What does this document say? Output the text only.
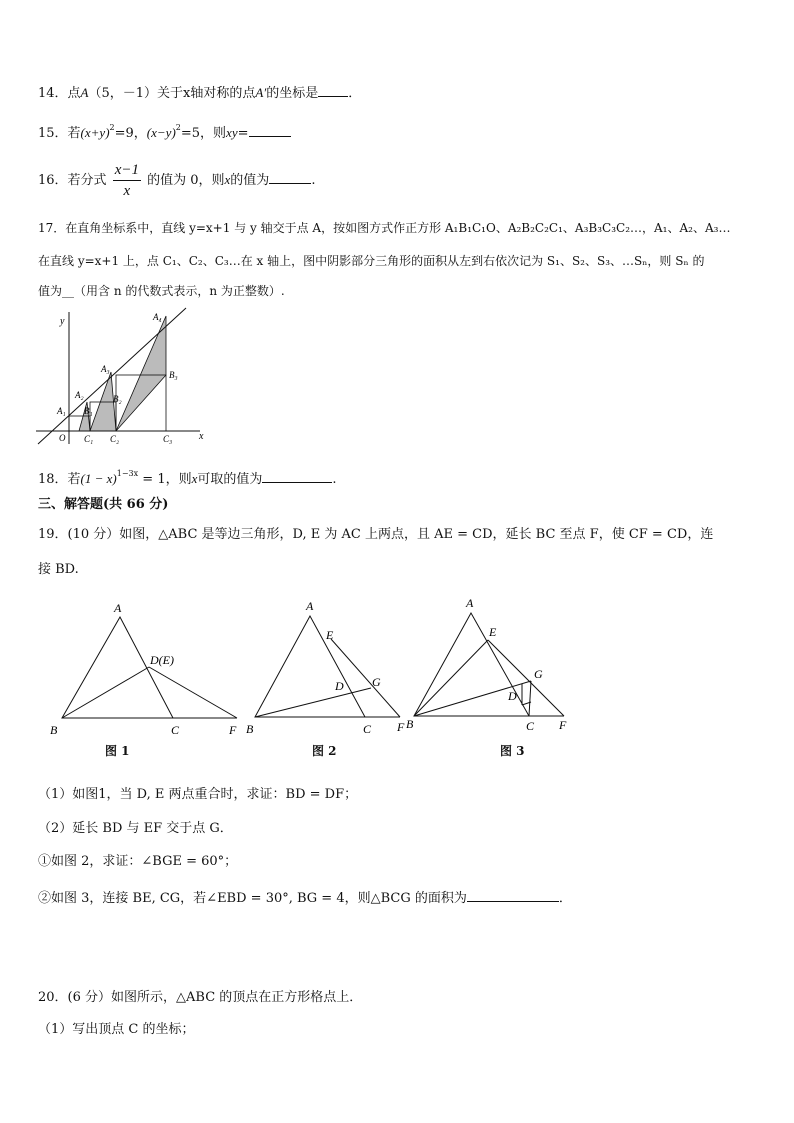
14．点A（5，－1）关于x轴对称的点A′的坐标是 ．
15．若$(x+y)^2=9$，$(x-y)^2=5$，则xy=
16．若分式 $\frac{x-1}{x}$ 的值为 0，则x的值为	.
17．在直角坐标系中，直线 y=x+1 与 y 轴交于点 A，按如图方式作正方形 A₁B₁C₁O、A₂B₂C₂C₁、A₃B₃C₃C₂…，A₁、A₂、A₃…
在直线 y=x+1 上，点 C₁、C₂、C₃…在 x 轴上，图中阴影部分三角形的面积从左到右依次记为 S₁、S₂、S₃、…Sₙ，则 Sₙ 的
值为__（用含 n 的代数式表示，n 为正整数）.
y
x
O
A₁
A₂
A₃
A₄
B₁
B₂
B₃
C₁ C₂	C₃
18．若$(1 - x)^{1-3x} = 1$，则x可取的值为	.
三、解答题(共 66 分)
19．(10 分）如图，△ABC 是等边三角形，D, E 为 AC 上两点，且 AE = CD，延长 BC 至点 F，使 CF = CD，连
接 BD.
A
B	C	F
D(E)
图 1
A
E
D G
B	C F
图 2
A
E
D
G
B	C F
图 3
（1）如图1，当 D, E 两点重合时，求证：BD = DF；
（2）延长 BD 与 EF 交于点 G．
①如图 2，求证：∠BGE = 60°；
②如图 3，连接 BE, CG，若∠EBD = 30°, BG = 4，则△BCG 的面积为	．
20．(6 分）如图所示，△ABC 的顶点在正方形格点上．
（1）写出顶点 C 的坐标；
